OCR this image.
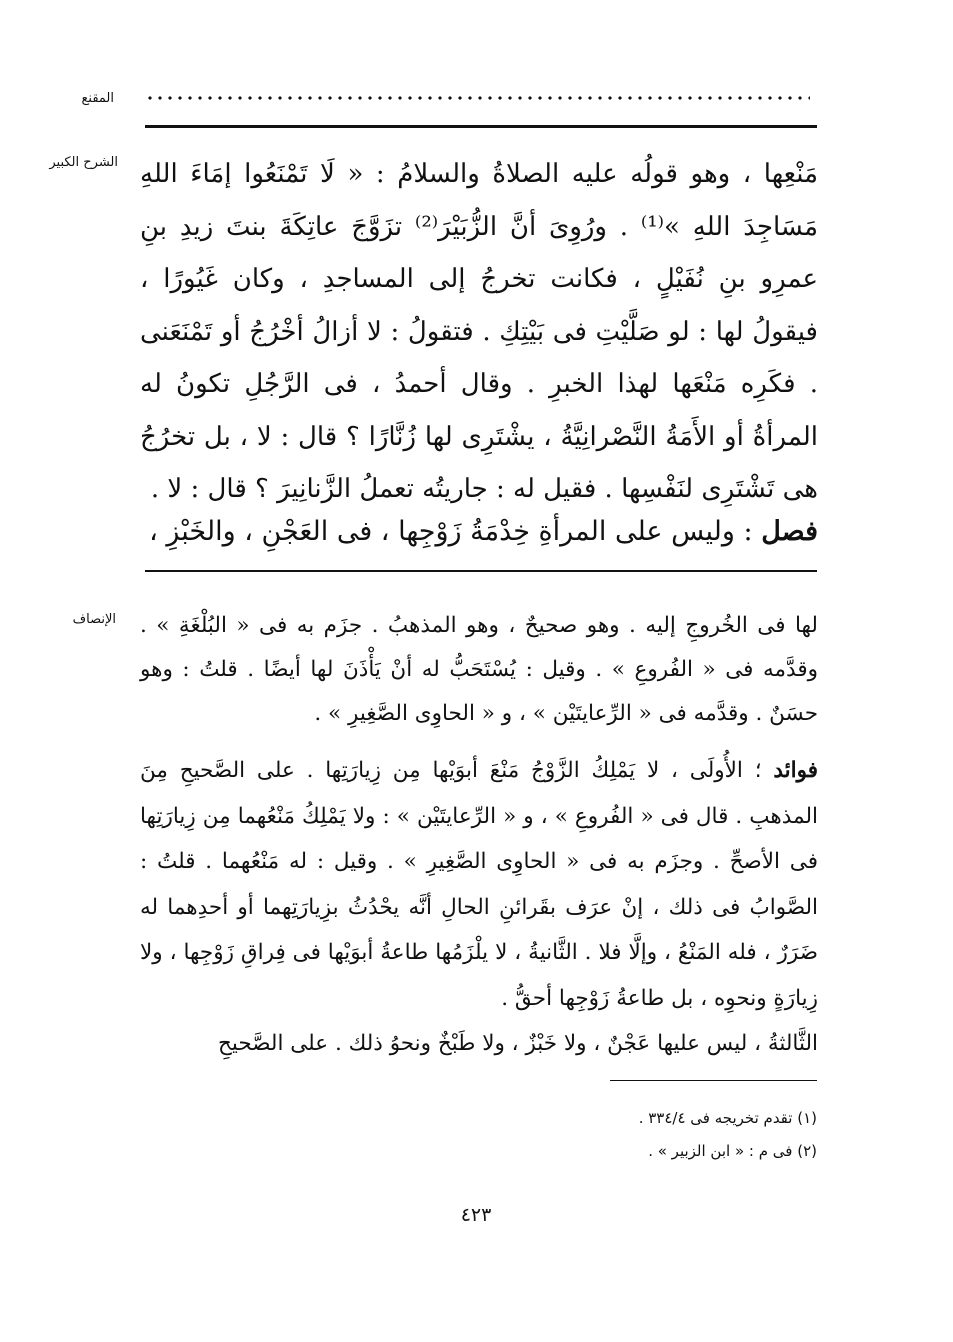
المقنع
الشرح الكبير مَنْعِها ، وهو قولُه عليه الصلاةُ والسلامُ : « لَا تَمْنَعُوا إمَاءَ اللهِ مَسَاجِدَ اللهِ »⁽¹⁾ . ورُوِىَ أنَّ الزُّبَيْرَ⁽²⁾ تزَوَّجَ عاتِكَةَ بنتَ زيدِ بنِ عمرِو بنِ نُفَيْلٍ ، فكانت تخرجُ إلى المساجدِ ، وكان غَيُورًا ، فيقولُ لها : لو صَلَّيْتِ فى بَيْتِكِ . فتقولُ : لا أزالُ أخْرُجُ أو تَمْنَعَنى . فكَرِه مَنْعَها لهذا الخبرِ . وقال أحمدُ ، فى الرَّجُلِ تكونُ له المرأةُ أو الأَمَةُ النَّصْرانِيَّةُ ، يشْتَرِى لها زُنَّارًا ؟ قال : لا ، بل تخرُجُ هى تَشْتَرِى لنَفْسِها . فقيل له : جاريتُه تعملُ الزَّنانِيرَ ؟ قال : لا .

فصل : وليس على المرأةِ خِدْمَةُ زَوْجِها ، فى العَجْنِ ، والخَبْزِ ،

الإنصاف لها فى الخُروجِ إليه . وهو صحيحٌ ، وهو المذهبُ . جزَم به فى « البُلْغَةِ » . وقدَّمه فى « الفُروعِ » . وقيل : يُسْتَحَبُّ له أنْ يَأْذَنَ لها أيضًا . قلتُ : وهو حسَنٌ . وقدَّمه فى « الرِّعايتَيْن » ، و « الحاوِى الصَّغِيرِ » .

فوائد ؛ الأُولَى ، لا يَمْلِكُ الزَّوْجُ مَنْعَ أبوَيْها مِن زِيارَتِها . على الصَّحيحِ مِنَ المذهبِ . قال فى « الفُروعِ » ، و « الرِّعايتَيْن » : ولا يَمْلِكُ مَنْعُهما مِن زِيارَتِها فى الأصحِّ . وجزَم به فى « الحاوِى الصَّغِيرِ » . وقيل : له مَنْعُهما . قلتُ : الصَّوابُ فى ذلك ، إنْ عرَف بقَرائنِ الحالِ أنَّه يحْدُثُ بزِيارَتِهما أو أحدِهما له ضَرَرٌ ، فله المَنْعُ ، وإلَّا فلا . الثَّانيةُ ، لا يلْزَمُها طاعةُ أبوَيْها فى فِراقِ زَوْجِها ، ولا زِيارَةٍ ونحوِه ، بل طاعةُ زَوْجِها أحقُّ .

الثَّالثةُ ، ليس عليها عَجْنٌ ، ولا خَبْزٌ ، ولا طَبْخٌ ونحوُ ذلك . على الصَّحيحِ

(١) تقدم تخريجه فى ٣٣٤/٤ .

(٢) فى م : « ابن الزبير » .

٤٢٣
